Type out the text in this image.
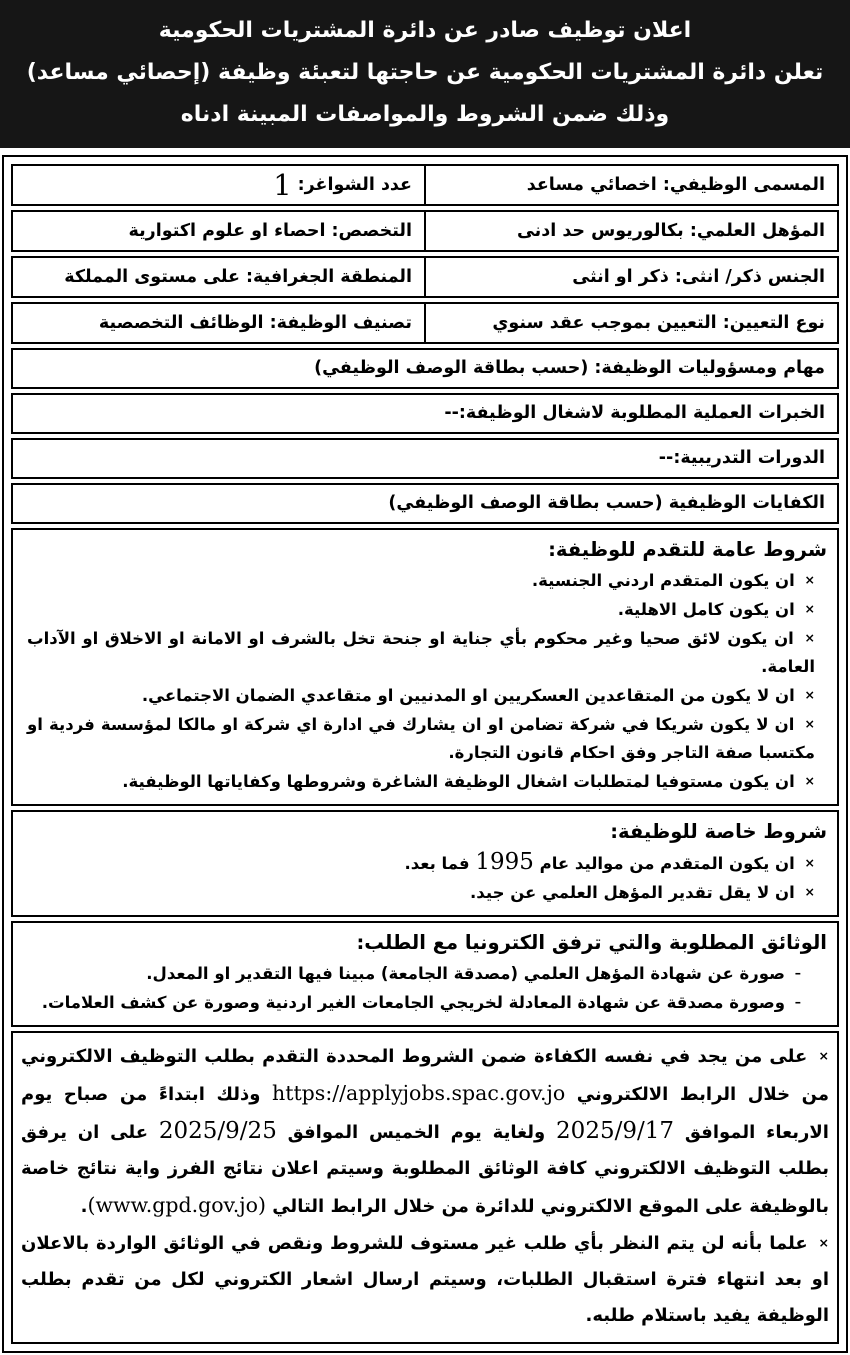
اعلان توظيف صادر عن دائرة المشتريات الحكومية
تعلن دائرة المشتريات الحكومية عن حاجتها لتعبئة وظيفة (إحصائي مساعد)
وذلك ضمن الشروط والمواصفات المبينة ادناه
المسمى الوظيفي: اخصائي مساعد
عدد الشواغر:
1
المؤهل العلمي: بكالوريوس حد ادنى
التخصص: احصاء او علوم اكتوارية
الجنس ذكر/ انثى: ذكر او انثى
المنطقة الجغرافية: على مستوى المملكة
نوع التعيين: التعيين بموجب عقد سنوي
تصنيف الوظيفة: الوظائف التخصصية
مهام ومسؤوليات الوظيفة: (حسب بطاقة الوصف الوظيفي)
الخبرات العملية المطلوبة لاشغال الوظيفة:--
الدورات التدريبية:--
الكفايات الوظيفية (حسب بطاقة الوصف الوظيفي)
شروط عامة للتقدم للوظيفة:

× ان يكون المتقدم اردني الجنسية.

× ان يكون كامل الاهلية.

× ان يكون لائق صحيا وغير محكوم بأي جناية او جنحة تخل بالشرف او الامانة او الاخلاق او الآداب العامة.

× ان لا يكون من المتقاعدين العسكريين او المدنيين او متقاعدي الضمان الاجتماعي.

× ان لا يكون شريكا في شركة تضامن او ان يشارك في ادارة اي شركة او مالكا لمؤسسة فردية او مكتسبا صفة التاجر وفق احكام قانون التجارة.

× ان يكون مستوفيا لمتطلبات اشغال الوظيفة الشاغرة وشروطها وكفاياتها الوظيفية.

شروط خاصة للوظيفة:

× ان يكون المتقدم من مواليد عام 1995 فما بعد.

× ان لا يقل تقدير المؤهل العلمي عن جيد.

الوثائق المطلوبة والتي ترفق الكترونيا مع الطلب:

– صورة عن شهادة المؤهل العلمي (مصدقة الجامعة) مبينا فيها التقدير او المعدل.

– وصورة مصدقة عن شهادة المعادلة لخريجي الجامعات الغير اردنية وصورة عن كشف العلامات.

× على من يجد في نفسه الكفاءة ضمن الشروط المحددة التقدم بطلب التوظيف الالكتروني من خلال الرابط الالكتروني https://applyjobs.spac.gov.jo وذلك ابتداءً من صباح يوم الاربعاء الموافق 2025/9/17 ولغاية يوم الخميس الموافق 2025/9/25 على ان يرفق بطلب التوظيف الالكتروني كافة الوثائق المطلوبة وسيتم اعلان نتائج الفرز واية نتائج خاصة بالوظيفة على الموقع الالكتروني للدائرة من خلال الرابط التالي (www.gpd.gov.jo).

× علما بأنه لن يتم النظر بأي طلب غير مستوف للشروط ونقص في الوثائق الواردة بالاعلان او بعد انتهاء فترة استقبال الطلبات، وسيتم ارسال اشعار الكتروني لكل من تقدم بطلب الوظيفة يفيد باستلام طلبه.
